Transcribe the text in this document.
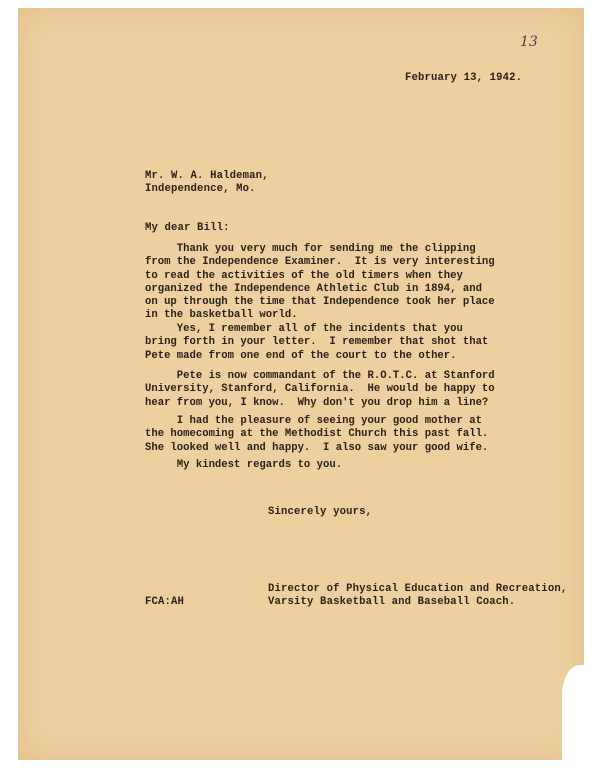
13
February 13, 1942.
Mr. W. A. Haldeman,
Independence, Mo.
My dear Bill:
Thank you very much for sending me the clipping
from the Independence Examiner.  It is very interesting
to read the activities of the old timers when they
organized the Independence Athletic Club in 1894, and
on up through the time that Independence took her place
in the basketball world.
Yes, I remember all of the incidents that you
bring forth in your letter.  I remember that shot that
Pete made from one end of the court to the other.
Pete is now commandant of the R.O.T.C. at Stanford
University, Stanford, California.  He would be happy to
hear from you, I know.  Why don't you drop him a line?
I had the pleasure of seeing your good mother at
the homecoming at the Methodist Church this past fall.
She looked well and happy.  I also saw your good wife.
My kindest regards to you.
Sincerely yours,
Director of Physical Education and Recreation,
Varsity Basketball and Baseball Coach.
FCA:AH
